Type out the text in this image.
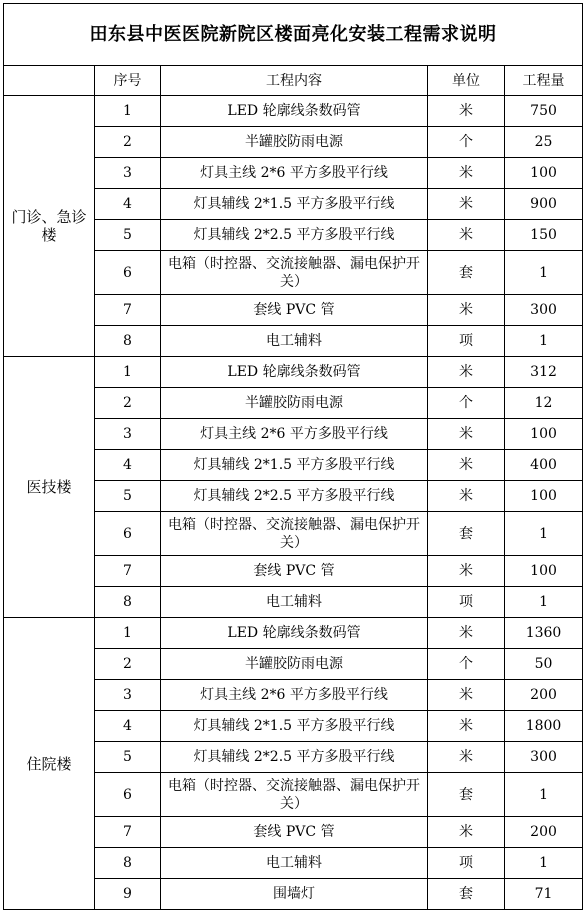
田东县中医医院新院区楼面亮化安装工程需求说明				
	序号	工程内容	单位	工程量
门诊、急诊楼	1	LED 轮廓线条数码管	米	750
	2	半罐胶防雨电源	个	25
	3	灯具主线 2*6 平方多股平行线	米	100
	4	灯具辅线 2*1.5 平方多股平行线	米	900
	5	灯具辅线 2*2.5 平方多股平行线	米	150
	6	电箱（时控器、交流接触器、漏电保护开关）	套	1
	7	套线 PVC 管	米	300
	8	电工辅料	项	1
医技楼	1	LED 轮廓线条数码管	米	312
	2	半罐胶防雨电源	个	12
	3	灯具主线 2*6 平方多股平行线	米	100
	4	灯具辅线 2*1.5 平方多股平行线	米	400
	5	灯具辅线 2*2.5 平方多股平行线	米	100
	6	电箱（时控器、交流接触器、漏电保护开关）	套	1
	7	套线 PVC 管	米	100
	8	电工辅料	项	1
住院楼	1	LED 轮廓线条数码管	米	1360
	2	半罐胶防雨电源	个	50
	3	灯具主线 2*6 平方多股平行线	米	200
	4	灯具辅线 2*1.5 平方多股平行线	米	1800
	5	灯具辅线 2*2.5 平方多股平行线	米	300
	6	电箱（时控器、交流接触器、漏电保护开关）	套	1
	7	套线 PVC 管	米	200
	8	电工辅料	项	1
	9	围墙灯	套	71
